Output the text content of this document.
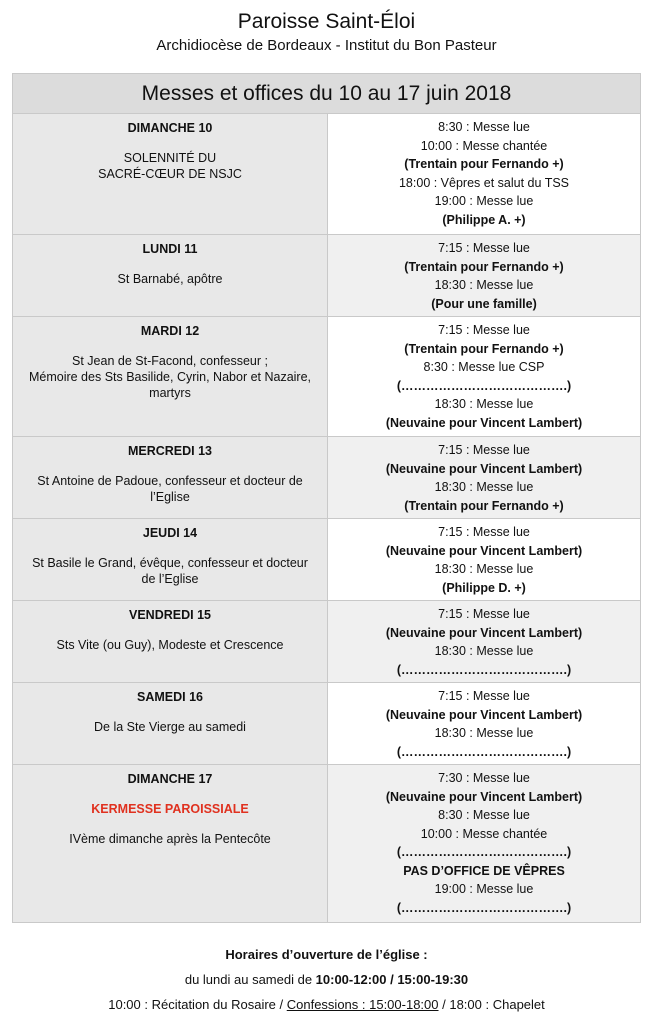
Paroisse Saint-Éloi
Archidiocèse de Bordeaux - Institut du Bon Pasteur
Messes et offices du 10 au 17 juin 2018
DIMANCHE 10
SOLENNITÉ DU
SACRÉ-CŒUR DE NSJC
8:30 : Messe lue
10:00 : Messe chantée
(Trentain pour Fernando +)
18:00 : Vêpres et salut du TSS
19:00 : Messe lue
(Philippe A. +)
LUNDI 11
St Barnabé, apôtre
7:15 : Messe lue
(Trentain pour Fernando +)
18:30 : Messe lue
(Pour une famille)
MARDI 12
St Jean de St-Facond, confesseur ;
Mémoire des Sts Basilide, Cyrin, Nabor et Nazaire,
martyrs
7:15 : Messe lue
(Trentain pour Fernando +)
8:30 : Messe lue CSP
(………………………………….)
18:30 : Messe lue
(Neuvaine pour Vincent Lambert)
MERCREDI 13
St Antoine de Padoue, confesseur et docteur de
l’Eglise
7:15 : Messe lue
(Neuvaine pour Vincent Lambert)
18:30 : Messe lue
(Trentain pour Fernando +)
JEUDI 14
St Basile le Grand, évêque, confesseur et docteur
de l’Eglise
7:15 : Messe lue
(Neuvaine pour Vincent Lambert)
18:30 : Messe lue
(Philippe D. +)
VENDREDI 15
Sts Vite (ou Guy), Modeste et Crescence
7:15 : Messe lue
(Neuvaine pour Vincent Lambert)
18:30 : Messe lue
(………………………………….)
SAMEDI 16
De la Ste Vierge au samedi
7:15 : Messe lue
(Neuvaine pour Vincent Lambert)
18:30 : Messe lue
(………………………………….)
DIMANCHE 17
KERMESSE PAROISSIALE
IVème dimanche après la Pentecôte
7:30 : Messe lue
(Neuvaine pour Vincent Lambert)
8:30 : Messe lue
10:00 : Messe chantée
(………………………………….)
PAS D’OFFICE DE VÊPRES
19:00 : Messe lue
(………………………………….)
Horaires d’ouverture de l’église :
du lundi au samedi de 10:00-12:00 / 15:00-19:30
10:00 : Récitation du Rosaire / Confessions : 15:00-18:00 / 18:00 : Chapelet
